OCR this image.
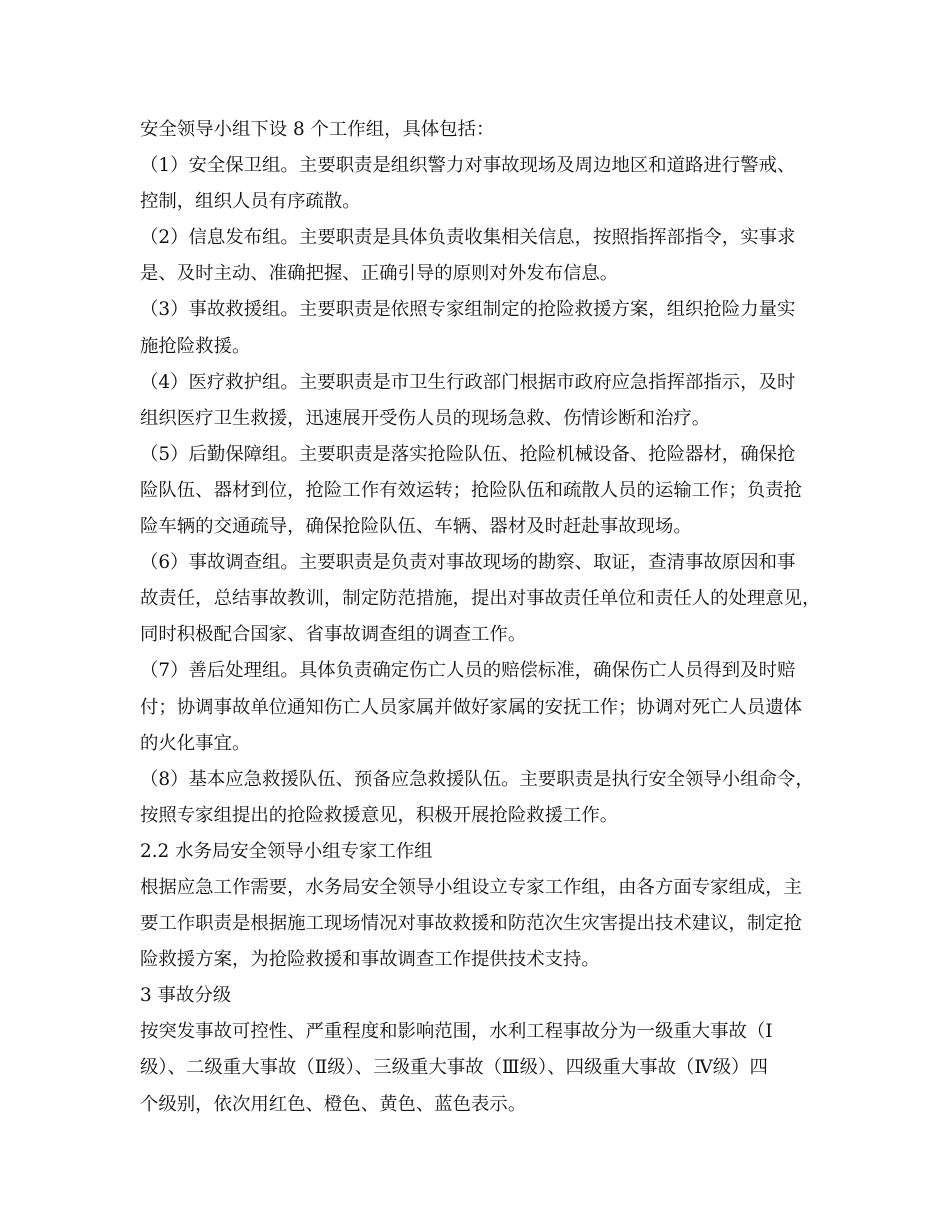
安全领导小组下设 8 个工作组，具体包括：
（1）安全保卫组。主要职责是组织警力对事故现场及周边地区和道路进行警戒、
控制，组织人员有序疏散。
（2）信息发布组。主要职责是具体负责收集相关信息，按照指挥部指令，实事求
是、及时主动、准确把握、正确引导的原则对外发布信息。
（3）事故救援组。主要职责是依照专家组制定的抢险救援方案，组织抢险力量实
施抢险救援。
（4）医疗救护组。主要职责是市卫生行政部门根据市政府应急指挥部指示，及时
组织医疗卫生救援，迅速展开受伤人员的现场急救、伤情诊断和治疗。
（5）后勤保障组。主要职责是落实抢险队伍、抢险机械设备、抢险器材，确保抢
险队伍、器材到位，抢险工作有效运转；抢险队伍和疏散人员的运输工作；负责抢
险车辆的交通疏导，确保抢险队伍、车辆、器材及时赶赴事故现场。
（6）事故调查组。主要职责是负责对事故现场的勘察、取证，查清事故原因和事
故责任，总结事故教训，制定防范措施，提出对事故责任单位和责任人的处理意见，
同时积极配合国家、省事故调查组的调查工作。
（7）善后处理组。具体负责确定伤亡人员的赔偿标准，确保伤亡人员得到及时赔
付；协调事故单位通知伤亡人员家属并做好家属的安抚工作；协调对死亡人员遗体
的火化事宜。
（8）基本应急救援队伍、预备应急救援队伍。主要职责是执行安全领导小组命令，
按照专家组提出的抢险救援意见，积极开展抢险救援工作。
2.2 水务局安全领导小组专家工作组
根据应急工作需要，水务局安全领导小组设立专家工作组，由各方面专家组成，主
要工作职责是根据施工现场情况对事故救援和防范次生灾害提出技术建议，制定抢
险救援方案，为抢险救援和事故调查工作提供技术支持。
3 事故分级
按突发事故可控性、严重程度和影响范围，水利工程事故分为一级重大事故（Ⅰ
级）、二级重大事故（Ⅱ级）、三级重大事故（Ⅲ级）、四级重大事故（Ⅳ级）四
个级别，依次用红色、橙色、黄色、蓝色表示。
